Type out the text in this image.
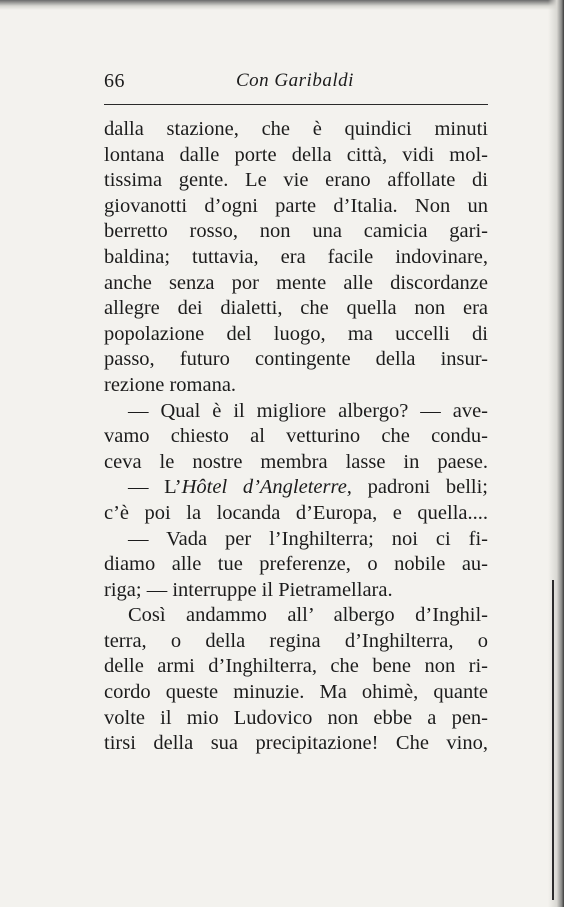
66	Con Garibaldi
dalla stazione, che è quindici minuti
lontana dalle porte della città, vidi mol-
tissima gente. Le vie erano affollate di
giovanotti d’ogni parte d’Italia. Non un
berretto rosso, non una camicia gari-
baldina; tuttavia, era facile indovinare,
anche senza por mente alle discordanze
allegre dei dialetti, che quella non era
popolazione del luogo, ma uccelli di
passo, futuro contingente della insur-
rezione romana.
— Qual è il migliore albergo? — ave-
vamo chiesto al vetturino che condu-
ceva le nostre membra lasse in paese.
— L’Hôtel d’Angleterre, padroni belli;
c’è poi la locanda d’Europa, e quella....
— Vada per l’Inghilterra; noi ci fi-
diamo alle tue preferenze, o nobile au-
riga; — interruppe il Pietramellara.
Così andammo all’ albergo d’Inghil-
terra, o della regina d’Inghilterra, o
delle armi d’Inghilterra, che bene non ri-
cordo queste minuzie. Ma ohimè, quante
volte il mio Ludovico non ebbe a pen-
tirsi della sua precipitazione! Che vino,
